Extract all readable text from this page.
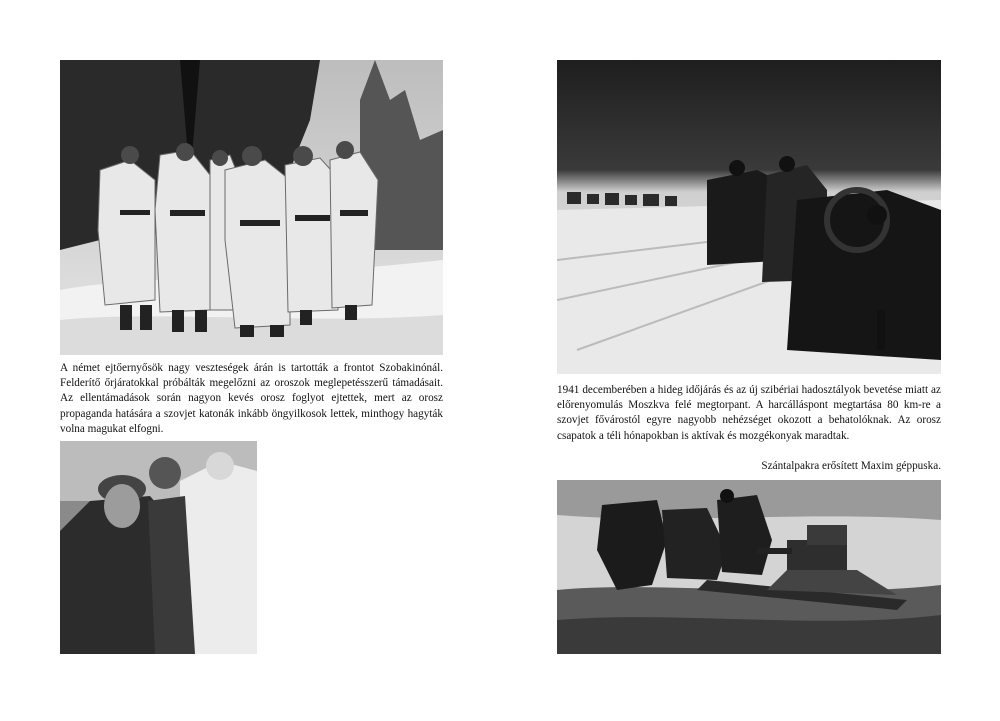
A német ejtőernyősök nagy veszteségek árán is tartották a frontot Szobakinónál. Felderítő őrjáratokkal próbálták megelőzni az oroszok meglepetésszerű támadásait. Az ellentámadások során nagyon kevés orosz foglyot ejtettek, mert az orosz propaganda hatására a szovjet katonák inkább öngyilkosok lettek, minthogy hagyták volna magukat elfogni.
1941 decemberében a hideg időjárás és az új szibériai hadosztályok bevetése miatt az előrenyomulás Moszkva felé megtorpant. A harcálláspont megtartása 80 km-re a szovjet fővárostól egyre nagyobb nehézséget okozott a behatolóknak. Az orosz csapatok a téli hónapokban is aktívak és mozgékonyak maradtak.
Szántalpakra erősített Maxim géppuska.
